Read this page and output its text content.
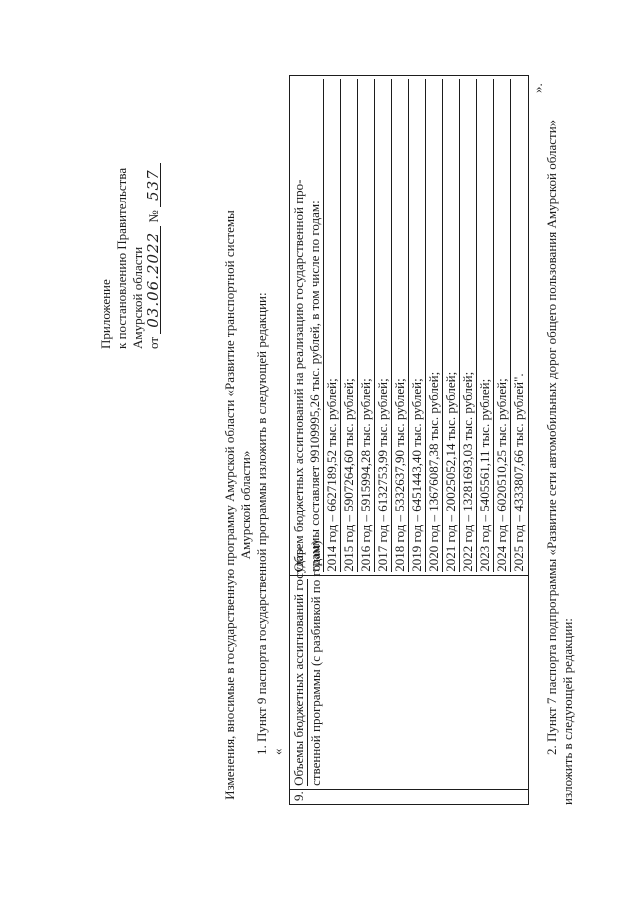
Приложение к постановлению Правительства Амурской области от 03.06.2022 № 537
Изменения, вносимые в государственную программу Амурской области «Развитие транспортной системы Амурской области» 1. Пункт 9 паспорта государственной программы изложить в следующей редакции: «
9.	
Объемы бюджетных ассигнований государ- ственной программы (с разбивкой по годам)

Объем бюджетных ассигнований на реализацию государственной про- граммы составляет 99109995,26 тыс. рублей, в том числе по годам: 2014 год – 6627189,52 тыс. рублей; 2015 год – 5907264,60 тыс. рублей; 2016 год – 5915994,28 тыс. рублей; 2017 год – 6132753,99 тыс. рублей; 2018 год – 5332637,90 тыс. рублей; 2019 год – 6451443,40 тыс. рублей; 2020 год – 13676087,38 тыс. рублей; 2021 год – 20025052,14 тыс. рублей; 2022 год – 13281693,03 тыс. рублей; 2023 год – 5405561,11 тыс. рублей; 2024 год – 6020510,25 тыс. рублей; 2025 год – 4333807,66 тыс. рублей".
».
2. Пункт 7 паспорта подпрограммы «Развитие сети автомобильных дорог общего пользования Амурской области» изложить в следующей редакции:
